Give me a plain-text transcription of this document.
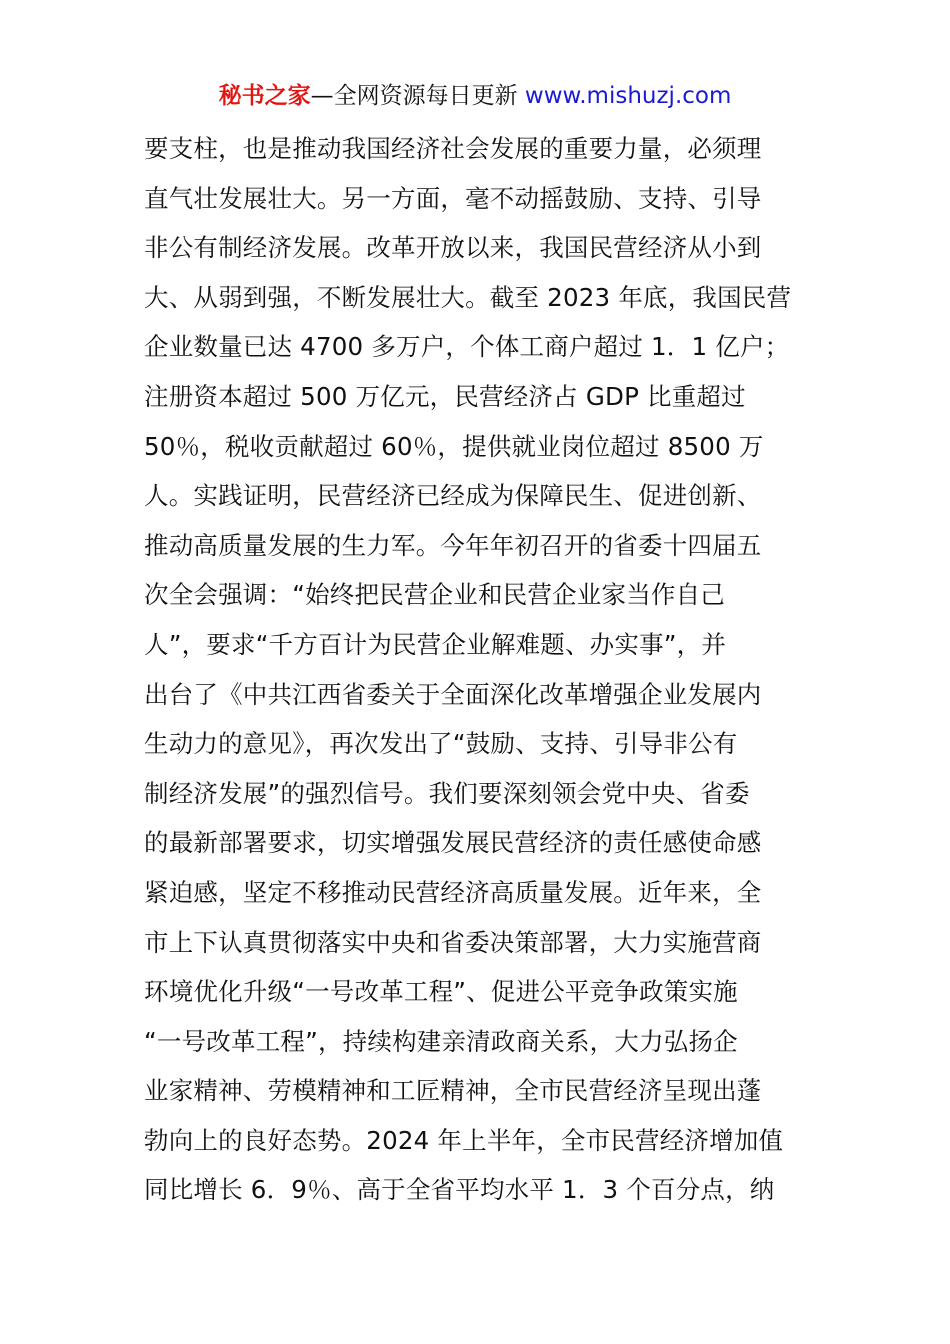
秘书之家—全网资源每日更新 www.mishuzj.com
要支柱，也是推动我国经济社会发展的重要力量，必须理
直气壮发展壮大。另一方面，毫不动摇鼓励、支持、引导
非公有制经济发展。改革开放以来，我国民营经济从小到
大、从弱到强，不断发展壮大。截至 2023 年底，我国民营
企业数量已达 4700 多万户，个体工商户超过 1．1 亿户；
注册资本超过 500 万亿元，民营经济占 GDP 比重超过
50％，税收贡献超过 60％，提供就业岗位超过 8500 万
人。实践证明，民营经济已经成为保障民生、促进创新、
推动高质量发展的生力军。今年年初召开的省委十四届五
次全会强调：“始终把民营企业和民营企业家当作自己
人”，要求“千方百计为民营企业解难题、办实事”，并
出台了《中共江西省委关于全面深化改革增强企业发展内
生动力的意见》，再次发出了“鼓励、支持、引导非公有
制经济发展”的强烈信号。我们要深刻领会党中央、省委
的最新部署要求，切实增强发展民营经济的责任感使命感
紧迫感，坚定不移推动民营经济高质量发展。近年来，全
市上下认真贯彻落实中央和省委决策部署，大力实施营商
环境优化升级“一号改革工程”、促进公平竞争政策实施
“一号改革工程”，持续构建亲清政商关系，大力弘扬企
业家精神、劳模精神和工匠精神，全市民营经济呈现出蓬
勃向上的良好态势。2024 年上半年，全市民营经济增加值
同比增长 6．9％、高于全省平均水平 1．3 个百分点，纳
